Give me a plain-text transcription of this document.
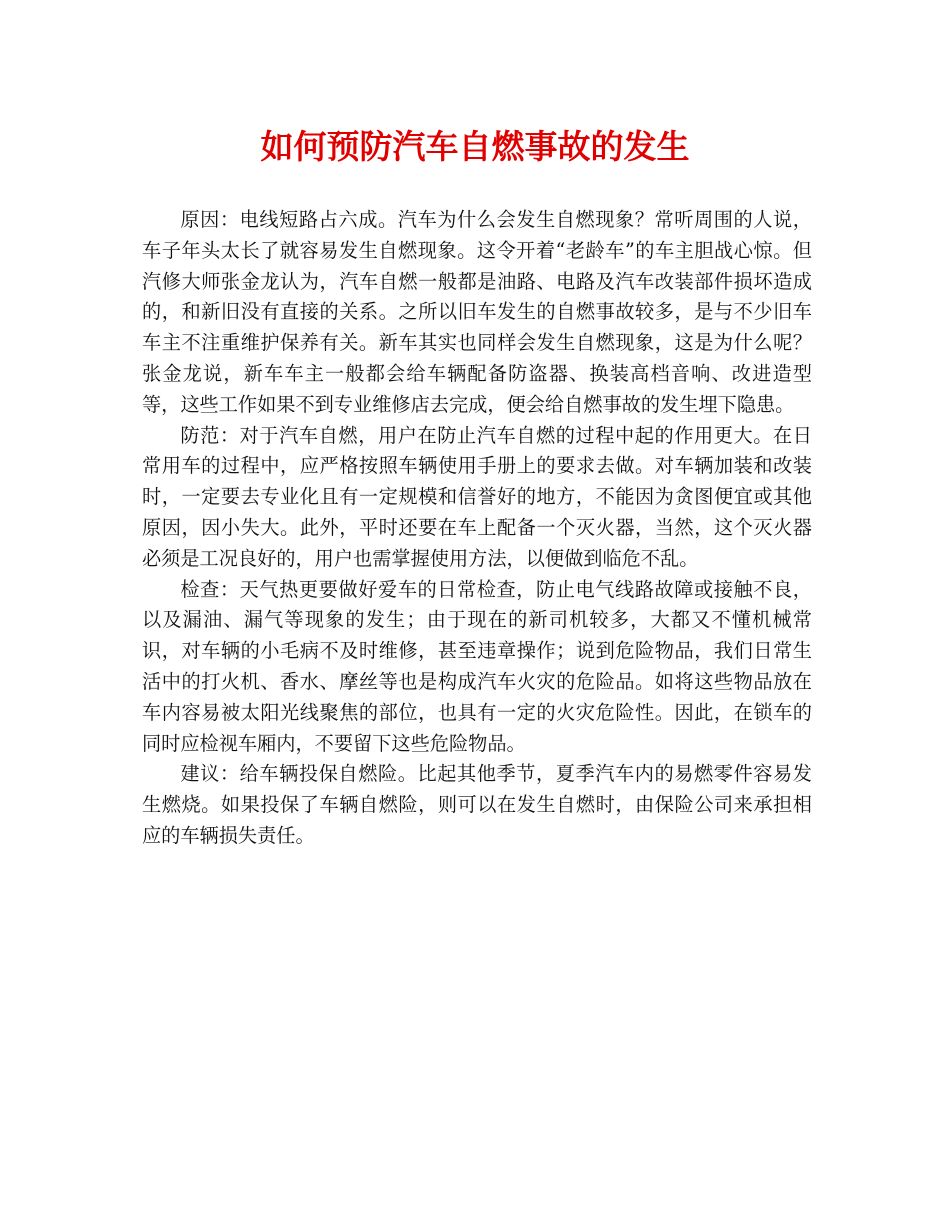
如何预防汽车自燃事故的发生

原因：电线短路占六成。汽车为什么会发生自燃现象？常听周围的人说，车子年头太长了就容易发生自燃现象。这令开着“老龄车”的车主胆战心惊。但汽修大师张金龙认为，汽车自燃一般都是油路、电路及汽车改装部件损坏造成的，和新旧没有直接的关系。之所以旧车发生的自燃事故较多，是与不少旧车车主不注重维护保养有关。新车其实也同样会发生自燃现象，这是为什么呢？张金龙说，新车车主一般都会给车辆配备防盗器、换装高档音响、改进造型等，这些工作如果不到专业维修店去完成，便会给自燃事故的发生埋下隐患。

防范：对于汽车自燃，用户在防止汽车自燃的过程中起的作用更大。在日常用车的过程中，应严格按照车辆使用手册上的要求去做。对车辆加装和改装时，一定要去专业化且有一定规模和信誉好的地方，不能因为贪图便宜或其他原因，因小失大。此外，平时还要在车上配备一个灭火器，当然，这个灭火器必须是工况良好的，用户也需掌握使用方法，以便做到临危不乱。

检查：天气热更要做好爱车的日常检查，防止电气线路故障或接触不良，以及漏油、漏气等现象的发生；由于现在的新司机较多，大都又不懂机械常识，对车辆的小毛病不及时维修，甚至违章操作；说到危险物品，我们日常生活中的打火机、香水、摩丝等也是构成汽车火灾的危险品。如将这些物品放在车内容易被太阳光线聚焦的部位，也具有一定的火灾危险性。因此，在锁车的同时应检视车厢内，不要留下这些危险物品。

建议：给车辆投保自燃险。比起其他季节，夏季汽车内的易燃零件容易发生燃烧。如果投保了车辆自燃险，则可以在发生自燃时，由保险公司来承担相应的车辆损失责任。
